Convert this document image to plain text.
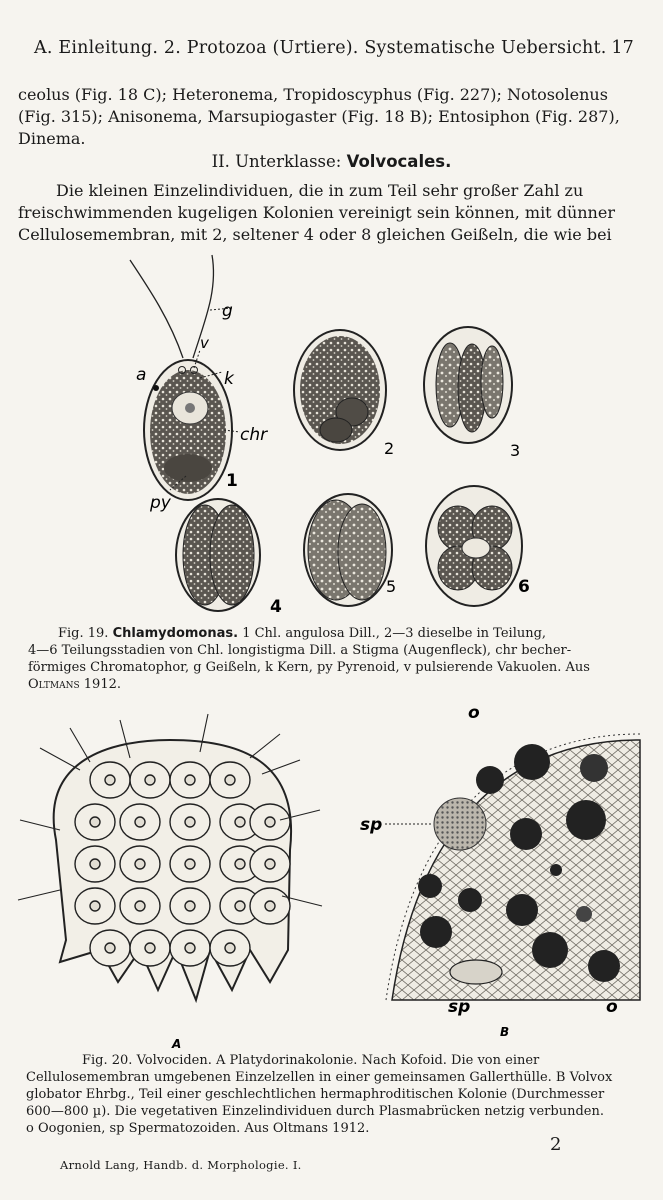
A. Einleitung. 2. Protozoa (Urtiere). Systematische Uebersicht. 17
ceolus (Fig. 18 C); Heteronema, Tropidoscyphus (Fig. 227); Notosolenus
(Fig. 315); Anisonema, Marsupiogaster (Fig. 18 B); Entosiphon (Fig. 287),
Dinema.
II. Unterklasse: Volvocales.
Die kleinen Einzelindividuen, die in zum Teil sehr großer Zahl zu
freischwimmenden kugeligen Kolonien vereinigt sein können, mit dünner
Cellulosemembran, mit 2, seltener 4 oder 8 gleichen Geißeln, die wie bei
g
v
a	k
chr
py
1
2	3
4
5	6
Fig. 19. Chlamydomonas. 1 Chl. angulosa Dill., 2—3 dieselbe in Teilung,
4—6 Teilungsstadien von Chl. longistigma Dill. a Stigma (Augenfleck), chr becher-
förmiges Chromatophor, g Geißeln, k Kern, py Pyrenoid, v pulsierende Vakuolen. Aus
Oltmans 1912.
o
sp
sp	o
A
B
Fig. 20. Volvociden. A Platydorinakolonie. Nach Kofoid. Die von einer
Cellulosemembran umgebenen Einzelzellen in einer gemeinsamen Gallerthülle. B Volvox
globator Ehrbg., Teil einer geschlechtlichen hermaphroditischen Kolonie (Durchmesser
600—800 µ). Die vegetativen Einzelindividuen durch Plasmabrücken netzig verbunden.
o Oogonien, sp Spermatozoiden. Aus Oltmans 1912.
2
Arnold Lang, Handb. d. Morphologie. I.
